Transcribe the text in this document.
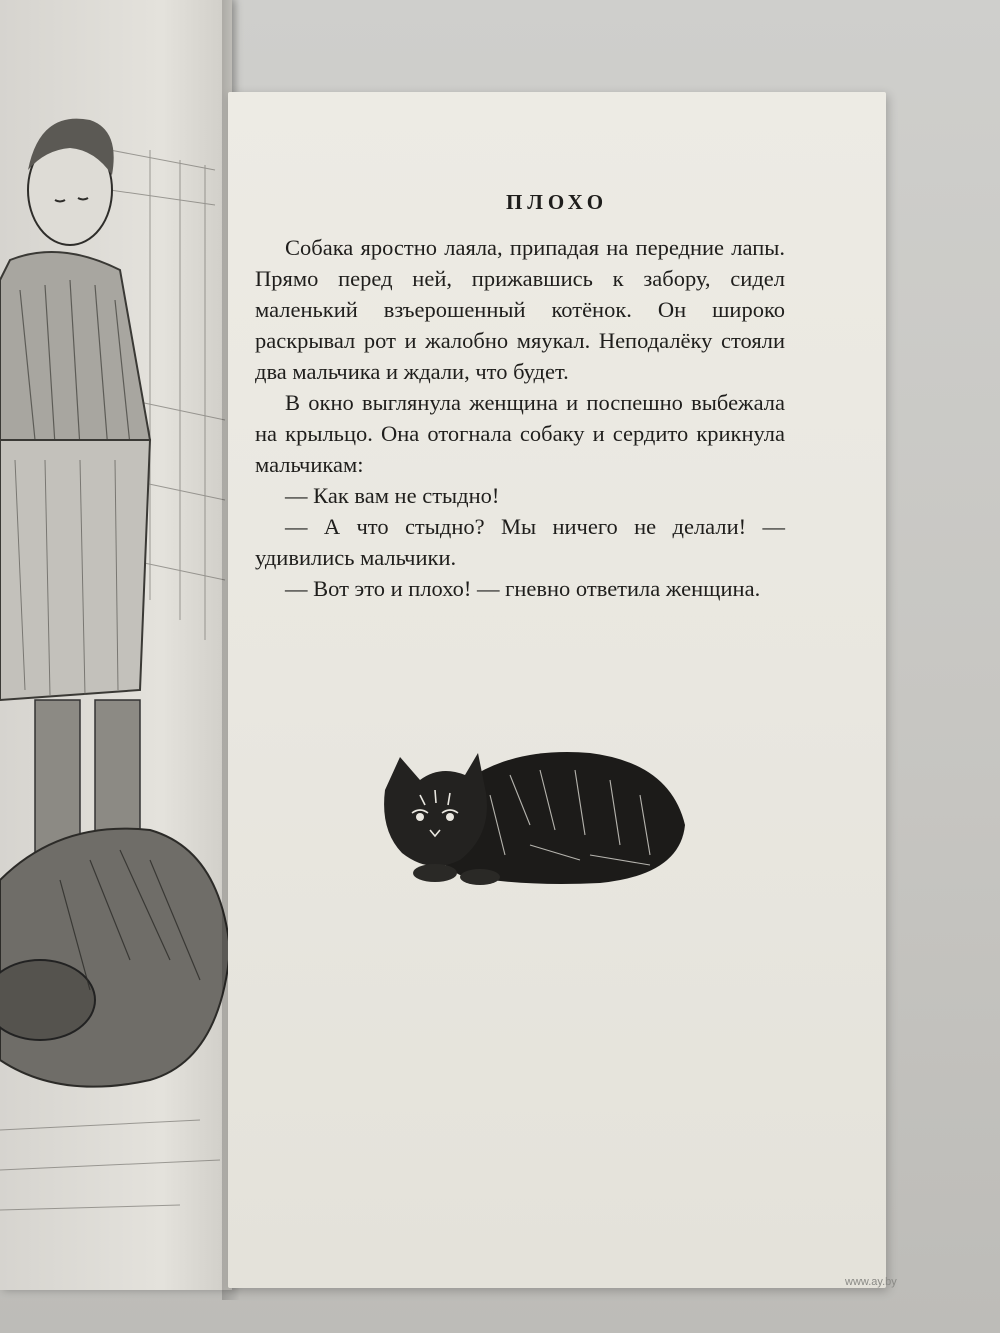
ПЛОХО

Собака яростно лаяла, припадая на передние лапы. Прямо перед ней, прижавшись к забору, сидел маленький взъерошенный котёнок. Он широко раскрывал рот и жалобно мяукал. Неподалёку стояли два мальчика и ждали, что будет.

В окно выглянула женщина и поспешно выбежала на крыльцо. Она отогнала собаку и сердито крикнула мальчикам:

— Как вам не стыдно!

— А что стыдно? Мы ничего не делали! — удивились мальчики.

— Вот это и плохо! — гневно ответила женщина.

www.ay.by
